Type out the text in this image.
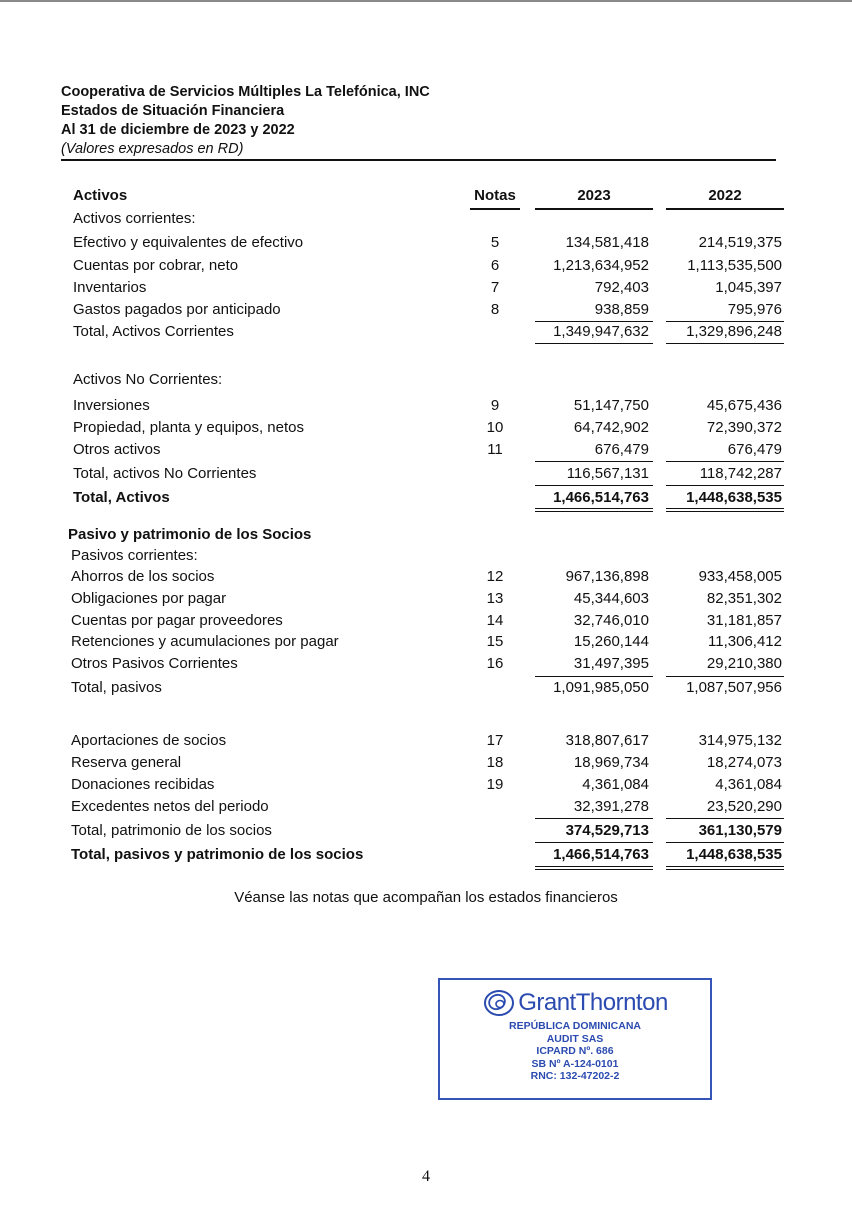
Cooperativa de Servicios Múltiples La Telefónica, INC
Estados de Situación Financiera
Al 31 de diciembre de 2023 y 2022
(Valores expresados en RD)
Activos	Notas	2023	2022
Activos corrientes:
Efectivo y equivalentes de efectivo	5	134,581,418	214,519,375
Cuentas por cobrar, neto	6	1,213,634,952	1,113,535,500
Inventarios	7	792,403	1,045,397
Gastos pagados por anticipado	8	938,859	795,976
Total, Activos Corrientes	1,349,947,632	1,329,896,248
Activos No Corrientes:
Inversiones	9	51,147,750	45,675,436
Propiedad, planta y equipos, netos	10	64,742,902	72,390,372
Otros activos	11	676,479	676,479
Total, activos No Corrientes	116,567,131	118,742,287
Total, Activos	1,466,514,763	1,448,638,535
Pasivo y patrimonio de los Socios
Pasivos corrientes:
Ahorros de los socios	12	967,136,898	933,458,005
Obligaciones por pagar	13	45,344,603	82,351,302
Cuentas por pagar proveedores	14	32,746,010	31,181,857
Retenciones y acumulaciones por pagar	15	15,260,144	11,306,412
Otros Pasivos Corrientes	16	31,497,395	29,210,380
Total, pasivos	1,091,985,050	1,087,507,956
Aportaciones de socios	17	318,807,617	314,975,132
Reserva general	18	18,969,734	18,274,073
Donaciones recibidas	19	4,361,084	4,361,084
Excedentes netos del periodo	32,391,278	23,520,290
Total, patrimonio de los socios	374,529,713	361,130,579
Total, pasivos y patrimonio de los socios	1,466,514,763	1,448,638,535
Véanse las notas que acompañan los estados financieros
GrantThornton
REPÚBLICA DOMINICANA
AUDIT SAS
ICPARD Nº. 686
SB Nº A-124-0101
RNC: 132-47202-2
4
